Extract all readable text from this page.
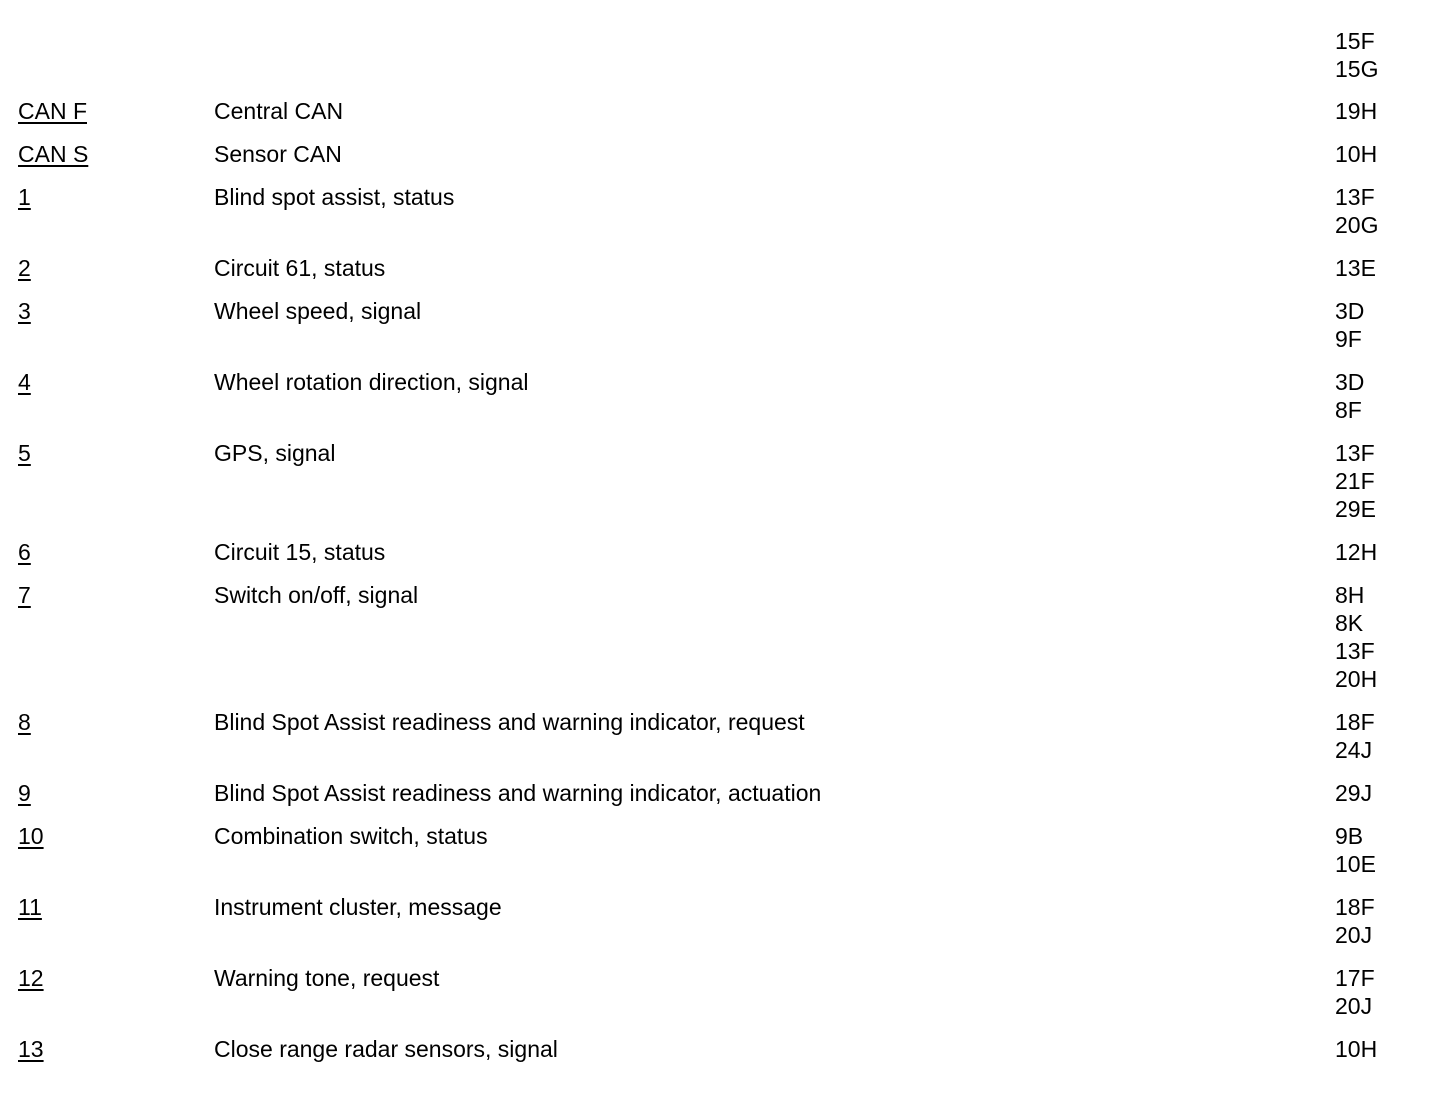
15F
15G
CAN F	Central CAN	19H
CAN S	Sensor CAN	10H
1	Blind spot assist, status	13F
20G
2	Circuit 61, status	13E
3	Wheel speed, signal	3D
9F
4	Wheel rotation direction, signal	3D
8F
5	GPS, signal	13F
21F
29E
6	Circuit 15, status	12H
7	Switch on/off, signal	8H
8K
13F
20H
8	Blind Spot Assist readiness and warning indicator, request	18F
24J
9	Blind Spot Assist readiness and warning indicator, actuation	29J
10	Combination switch, status	9B
10E
11	Instrument cluster, message	18F
20J
12	Warning tone, request	17F
20J
13	Close range radar sensors, signal	10H
